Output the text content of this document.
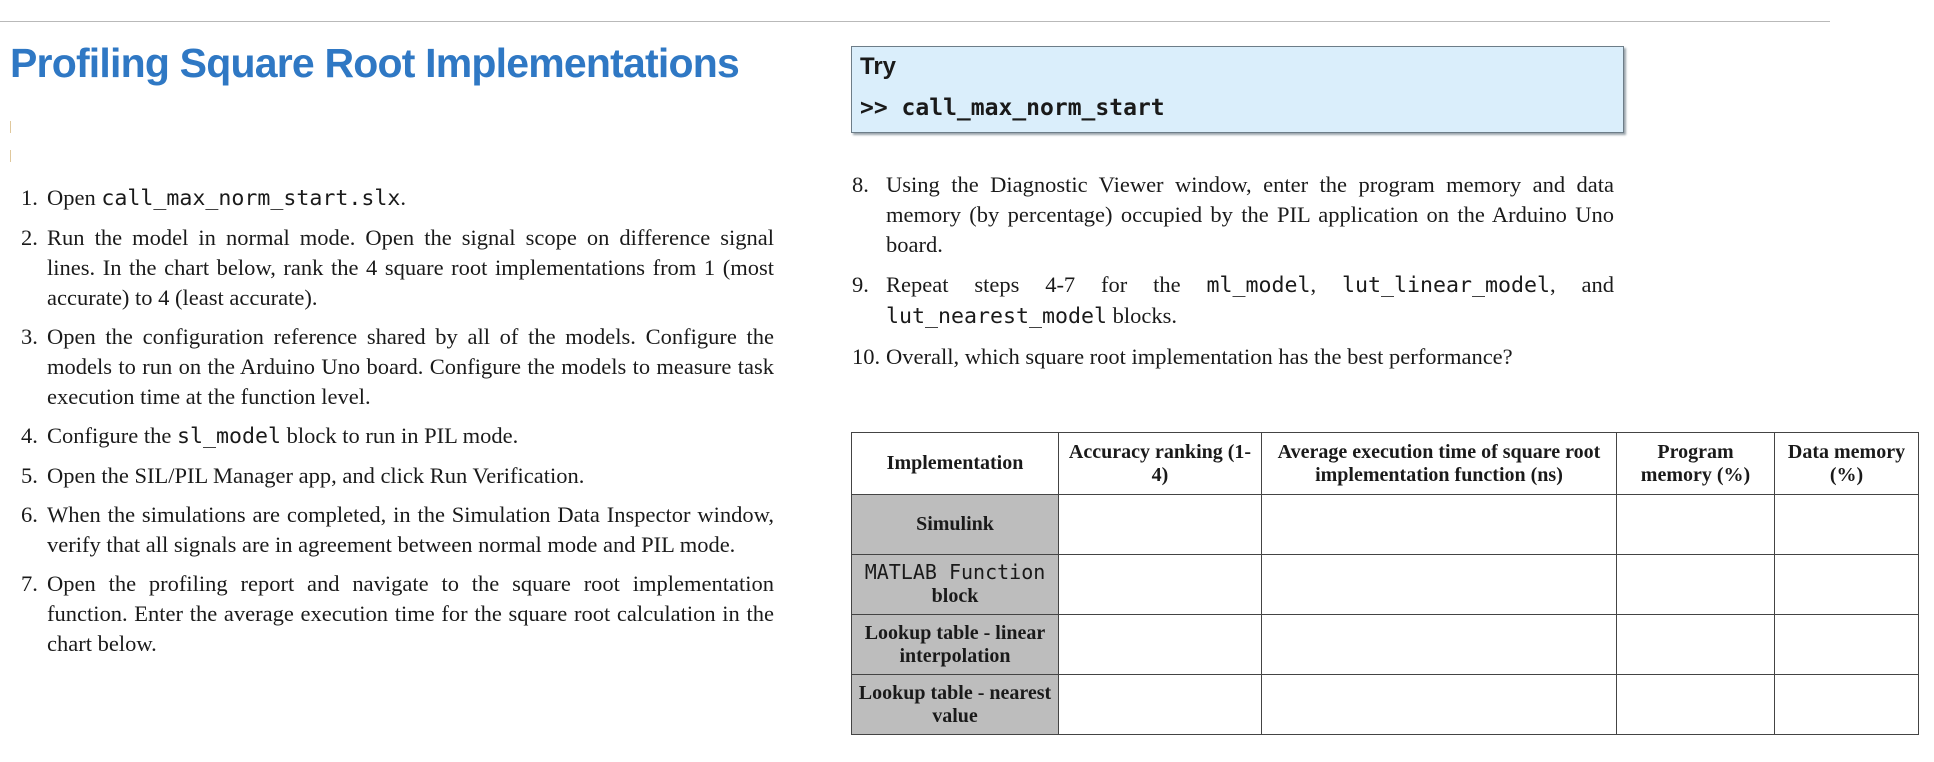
Profiling Square Root Implementations
1. Open call_max_norm_start.slx.
2. Run the model in normal mode. Open the signal scope on difference signal lines. In the chart below, rank the 4 square root implementations from 1 (most accurate) to 4 (least accurate).
3. Open the configuration reference shared by all of the models. Configure the models to run on the Arduino Uno board. Configure the models to measure task execution time at the function level.
4. Configure the sl_model block to run in PIL mode.
5. Open the SIL/PIL Manager app, and click Run Verification.
6. When the simulations are completed, in the Simulation Data Inspector window, verify that all signals are in agreement between normal mode and PIL mode.
7. Open the profiling report and navigate to the square root implementation function. Enter the average execution time for the square root calculation in the chart below.
Try
>> call_max_norm_start
8. Using the Diagnostic Viewer window, enter the program memory and data memory (by percentage) occupied by the PIL application on the Arduino Uno board.
9. Repeat steps 4-7 for the ml_model, lut_linear_model, and lut_nearest_model blocks.
10. Overall, which square root implementation has the best performance?
Implementation	Accuracy ranking (1-4)	Average execution time of square root implementation function (ns)	Program memory (%)	Data memory (%)
Simulink				
MATLAB Function block				
Lookup table - linear interpolation				
Lookup table - nearest value				
